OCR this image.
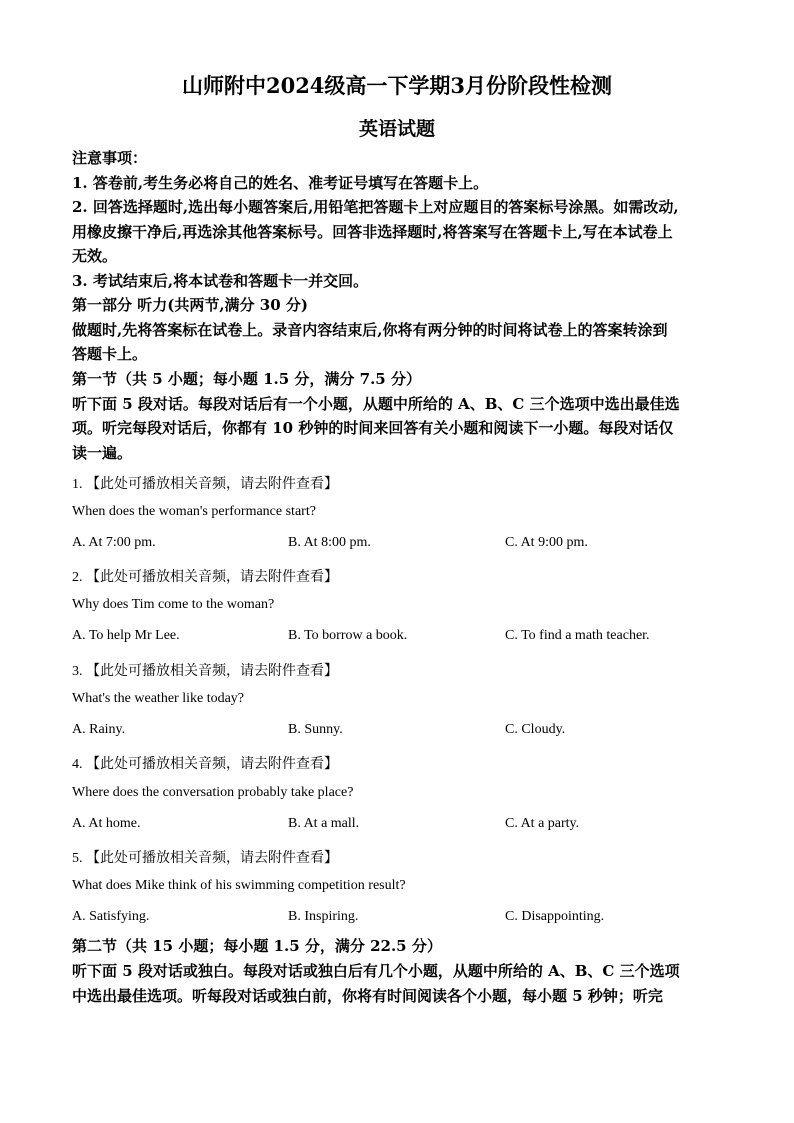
山师附中2024级高一下学期3月份阶段性检测
英语试题
注意事项：
1. 答卷前,考生务必将自己的姓名、准考证号填写在答题卡上。
2. 回答选择题时,选出每小题答案后,用铅笔把答题卡上对应题目的答案标号涂黑。如需改动,
用橡皮擦干净后,再选涂其他答案标号。回答非选择题时,将答案写在答题卡上,写在本试卷上
无效。
3. 考试结束后,将本试卷和答题卡一并交回。
第一部分 听力(共两节,满分 30 分)
做题时,先将答案标在试卷上。录音内容结束后,你将有两分钟的时间将试卷上的答案转涂到
答题卡上。
第一节（共 5 小题；每小题 1.5 分，满分 7.5 分）
听下面 5 段对话。每段对话后有一个小题，从题中所给的 A、B、C 三个选项中选出最佳选
项。听完每段对话后，你都有 10 秒钟的时间来回答有关小题和阅读下一小题。每段对话仅
读一遍。
1. 【此处可播放相关音频，请去附件查看】
When does the woman's performance start?
A. At 7:00 pm.	B. At 8:00 pm.	C. At 9:00 pm.
2. 【此处可播放相关音频，请去附件查看】
Why does Tim come to the woman?
A. To help Mr Lee.	B. To borrow a book.	C. To find a math teacher.
3. 【此处可播放相关音频，请去附件查看】
What's the weather like today?
A. Rainy.	B. Sunny.	C. Cloudy.
4. 【此处可播放相关音频，请去附件查看】
Where does the conversation probably take place?
A. At home.	B. At a mall.	C. At a party.
5. 【此处可播放相关音频，请去附件查看】
What does Mike think of his swimming competition result?
A. Satisfying.	B. Inspiring.	C. Disappointing.
第二节（共 15 小题；每小题 1.5 分，满分 22.5 分）
听下面 5 段对话或独白。每段对话或独白后有几个小题，从题中所给的 A、B、C 三个选项
中选出最佳选项。听每段对话或独白前，你将有时间阅读各个小题，每小题 5 秒钟；听完
